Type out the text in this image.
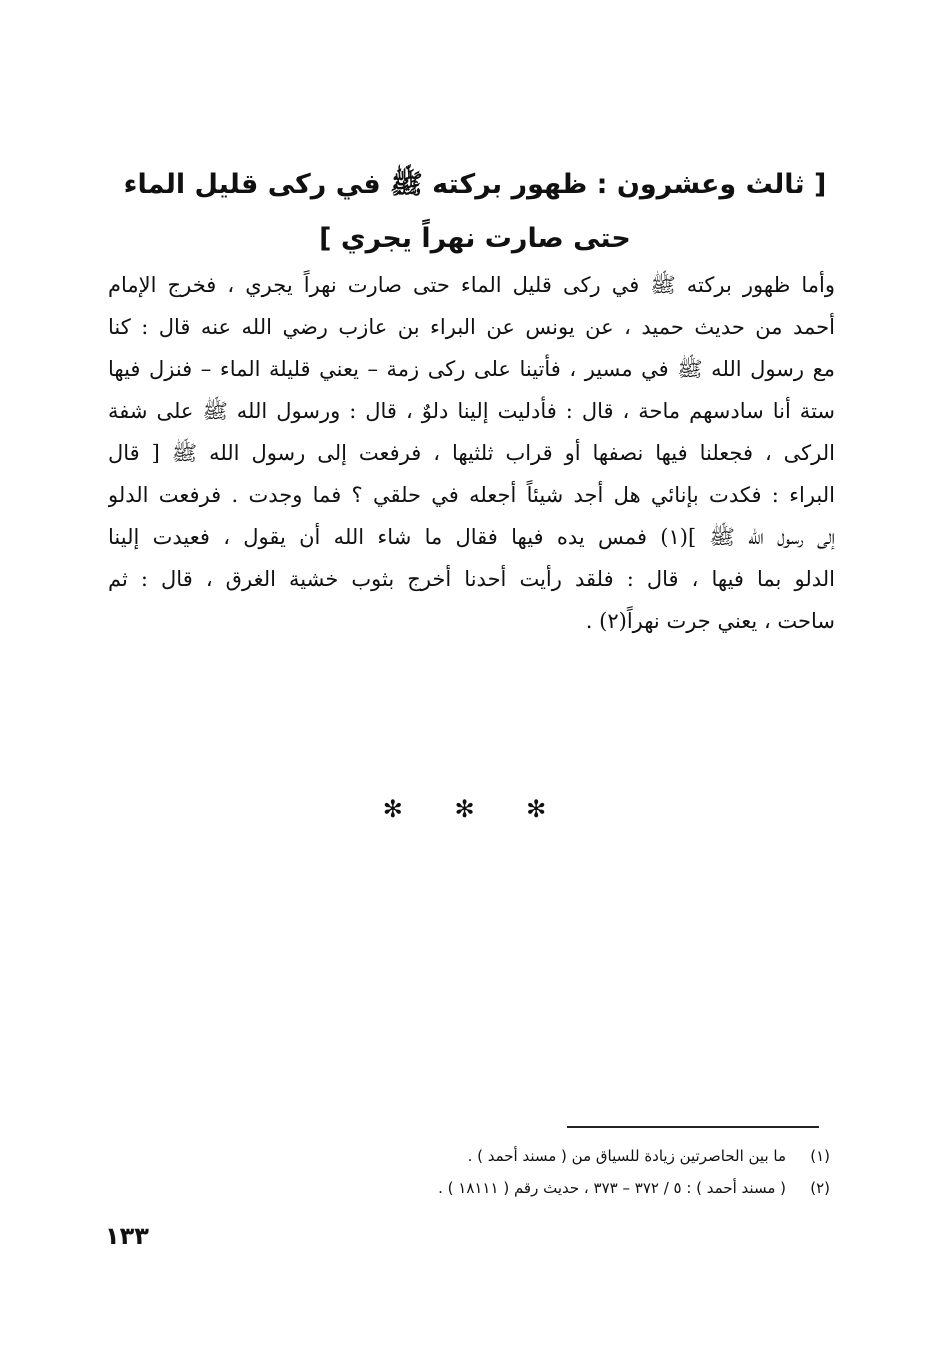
[ ثالث وعشرون : ظهور بركته ﷺ في ركى قليل الماء
حتى صارت نهراً يجري ]
وأما ظهور بركته ﷺ في ركى قليل الماء حتى صارت نهراً يجري ، فخرج الإمام
أحمد من حديث حميد ، عن يونس عن البراء بن عازب رضي الله عنه قال : كنا
مع رسول الله ﷺ في مسير ، فأتينا على ركى زمة – يعني قليلة الماء – فنزل فيها
ستة أنا سادسهم ماحة ، قال : فأدليت إلينا دلوٌ ، قال : ورسول الله ﷺ على شفة
الركى ، فجعلنا فيها نصفها أو قراب ثلثيها ، فرفعت إلى رسول الله ﷺ [ قال
البراء : فكدت بإنائي هل أجد شيئاً أجعله في حلقي ؟ فما وجدت . فرفعت الدلو
إلى رسول الله ﷺ ](١) فمس يده فيها فقال ما شاء الله أن يقول ، فعيدت إلينا
الدلو بما فيها ، قال : فلقد رأيت أحدنا أخرج بثوب خشية الغرق ، قال : ثم
ساحت ، يعني جرت نهراً(٢) .
✻ ✻ ✻
(١)ما بين الحاصرتين زيادة للسياق من ( مسند أحمد ) .
(٢)( مسند أحمد ) : ٥ / ٣٧٢ – ٣٧٣ ، حديث رقم ( ١٨١١١ ) .
١٣٣
